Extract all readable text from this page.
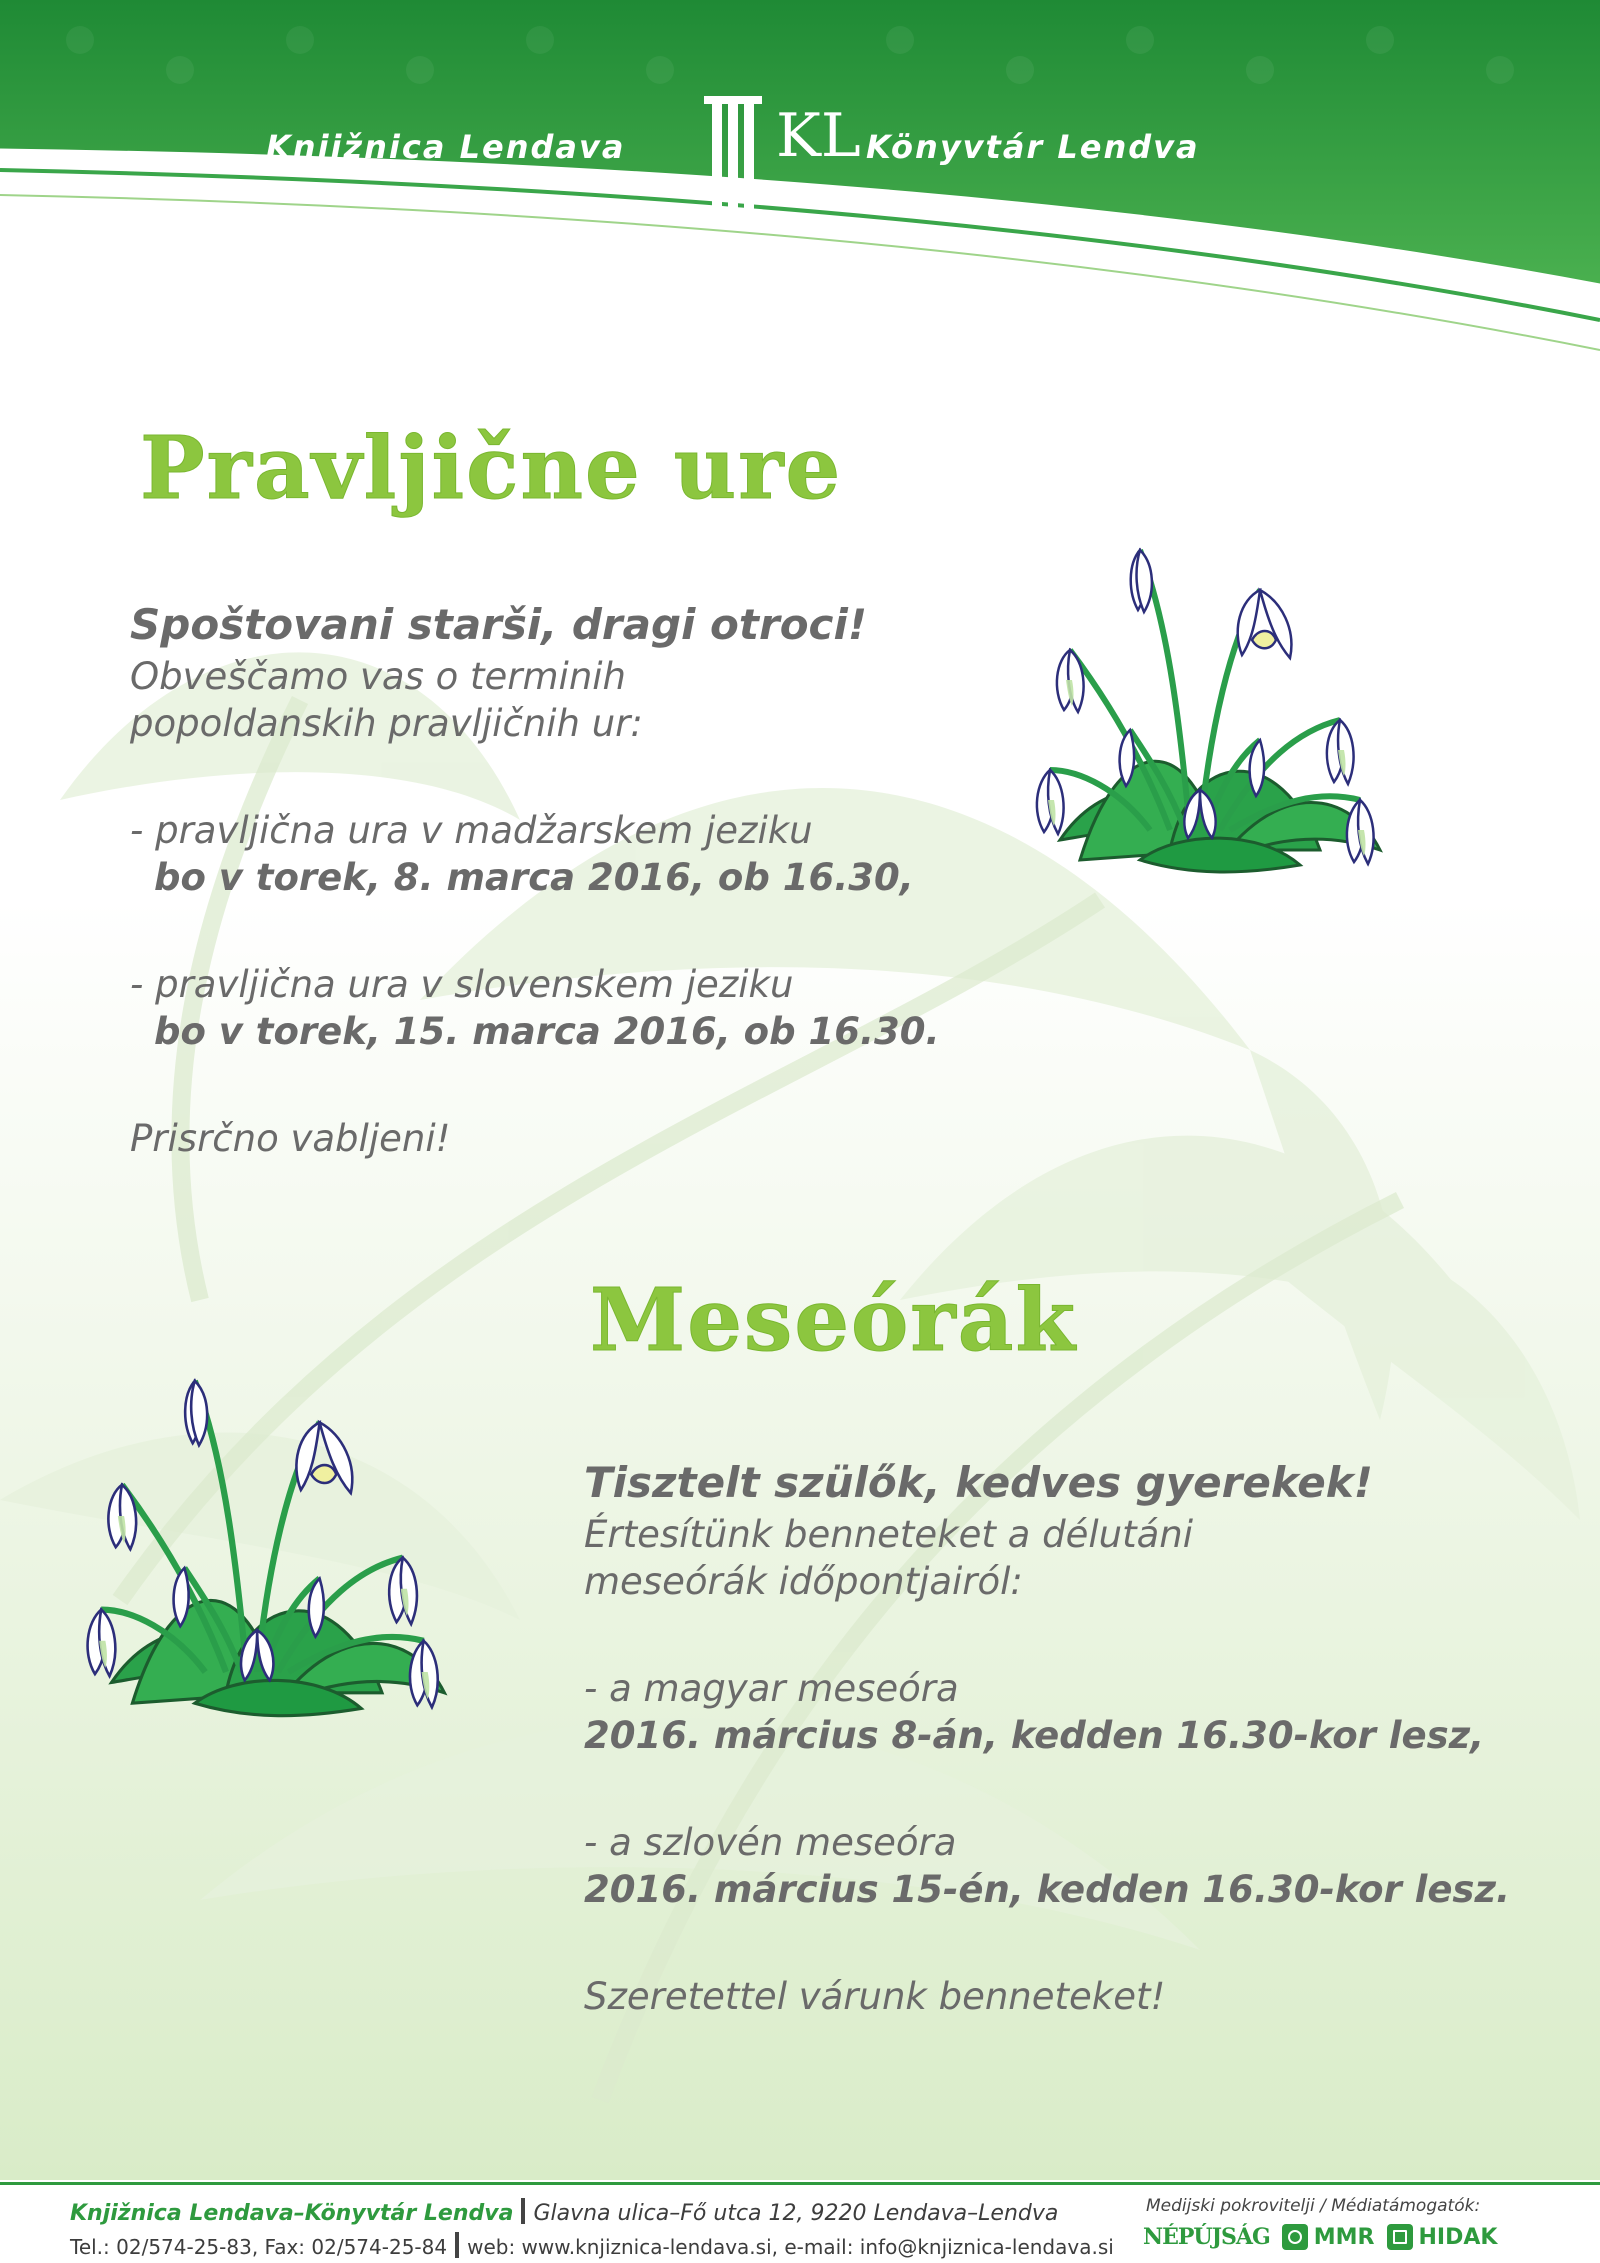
Knjižnica Lendava	KL Könyvtár Lendva
Pravljične ure
Spoštovani starši, dragi otroci!
Obveščamo vas o terminih
popoldanskih pravljičnih ur:
- pravljična ura v madžarskem jeziku
bo v torek, 8. marca 2016, ob 16.30,
- pravljična ura v slovenskem jeziku
bo v torek, 15. marca 2016, ob 16.30.
Prisrčno vabljeni!
Meseórák
Tisztelt szülők, kedves gyerekek!
Értesítünk benneteket a délutáni
meseórák időpontjairól:
- a magyar meseóra
2016. március 8-án, kedden 16.30-kor lesz,
- a szlovén meseóra
2016. március 15-én, kedden 16.30-kor lesz.
Szeretettel várunk benneteket!
Knjižnica Lendava–Könyvtár Lendva Glavna ulica–Fő utca 12, 9220 Lendava–Lendva
Tel.: 02/574-25-83, Fax: 02/574-25-84 web: www.knjiznica-lendava.si, e-mail: info@knjiznica-lendava.si
Medijski pokrovitelji / Médiatámogatók:
NÉPÚJSÁG MMR HIDAK
